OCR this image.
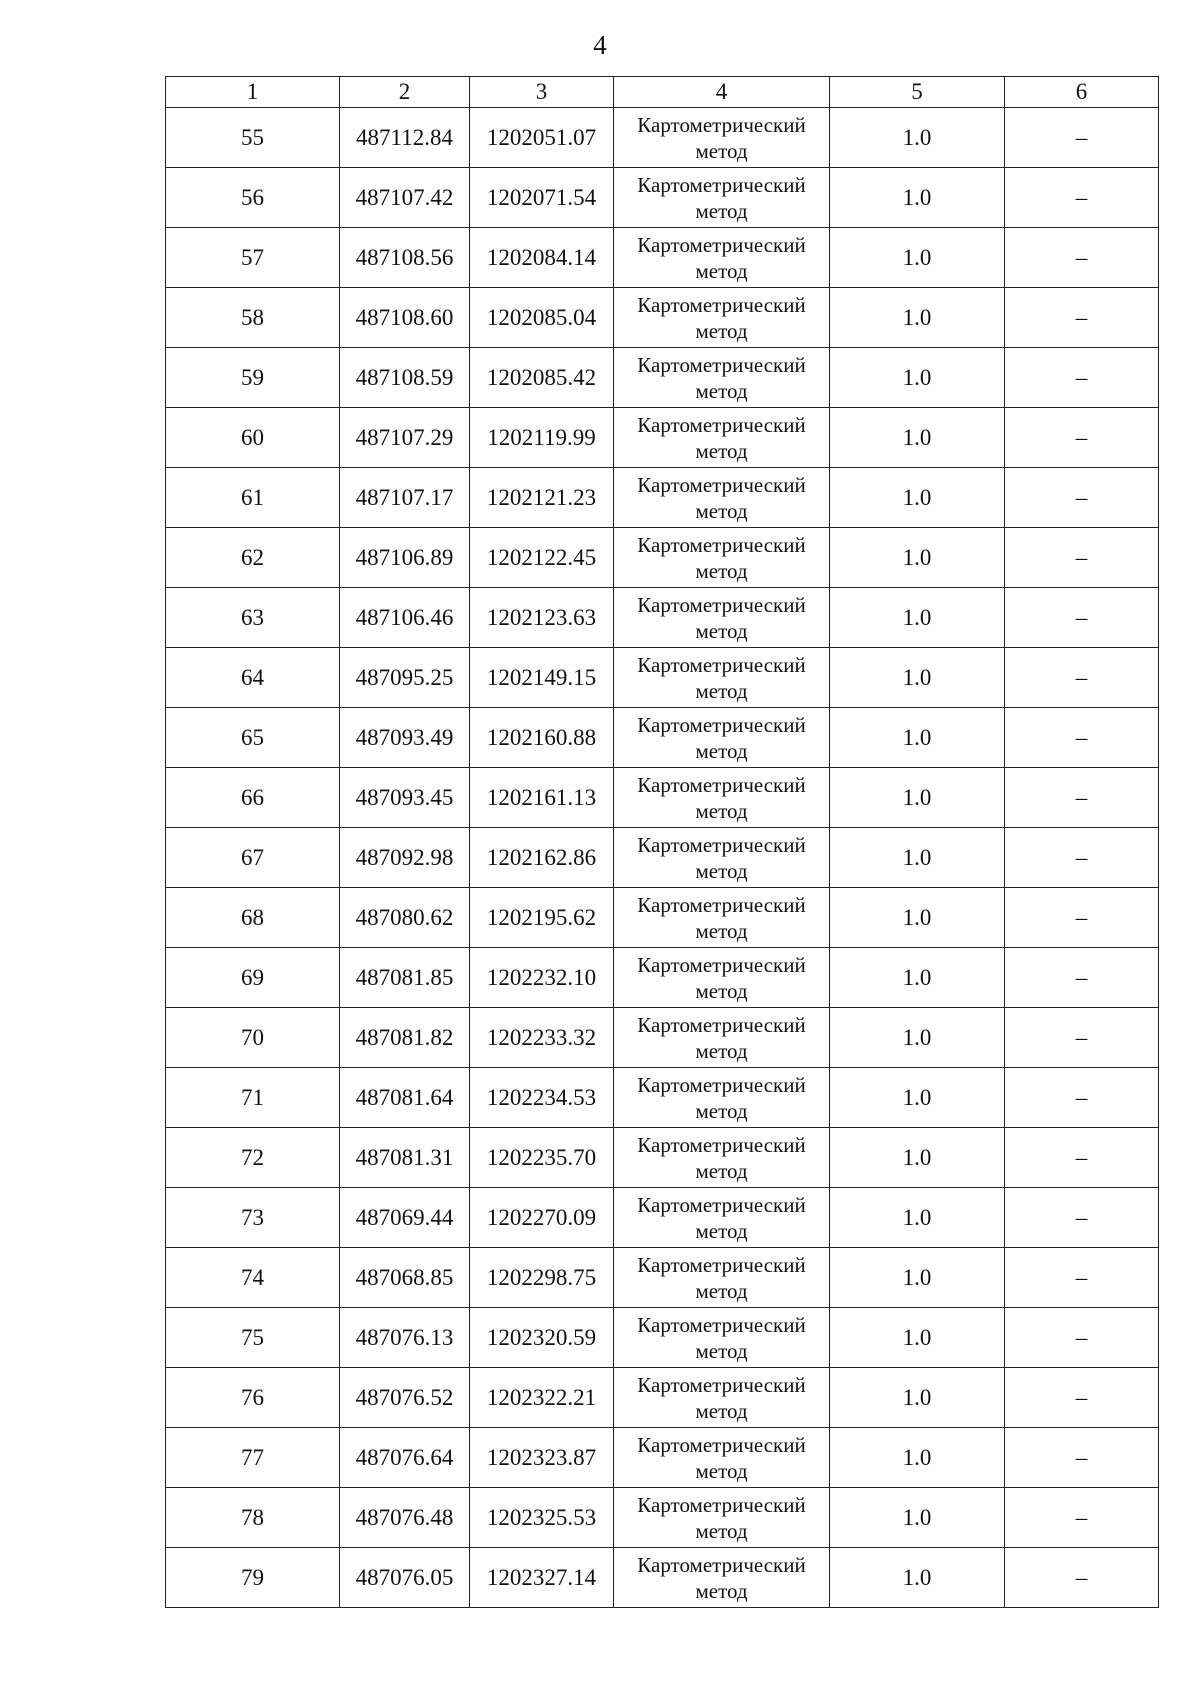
4
1	2	3	4	5	6
55	487112.84	1202051.07	Картометрический метод	1.0	–
56	487107.42	1202071.54	Картометрический метод	1.0	–
57	487108.56	1202084.14	Картометрический метод	1.0	–
58	487108.60	1202085.04	Картометрический метод	1.0	–
59	487108.59	1202085.42	Картометрический метод	1.0	–
60	487107.29	1202119.99	Картометрический метод	1.0	–
61	487107.17	1202121.23	Картометрический метод	1.0	–
62	487106.89	1202122.45	Картометрический метод	1.0	–
63	487106.46	1202123.63	Картометрический метод	1.0	–
64	487095.25	1202149.15	Картометрический метод	1.0	–
65	487093.49	1202160.88	Картометрический метод	1.0	–
66	487093.45	1202161.13	Картометрический метод	1.0	–
67	487092.98	1202162.86	Картометрический метод	1.0	–
68	487080.62	1202195.62	Картометрический метод	1.0	–
69	487081.85	1202232.10	Картометрический метод	1.0	–
70	487081.82	1202233.32	Картометрический метод	1.0	–
71	487081.64	1202234.53	Картометрический метод	1.0	–
72	487081.31	1202235.70	Картометрический метод	1.0	–
73	487069.44	1202270.09	Картометрический метод	1.0	–
74	487068.85	1202298.75	Картометрический метод	1.0	–
75	487076.13	1202320.59	Картометрический метод	1.0	–
76	487076.52	1202322.21	Картометрический метод	1.0	–
77	487076.64	1202323.87	Картометрический метод	1.0	–
78	487076.48	1202325.53	Картометрический метод	1.0	–
79	487076.05	1202327.14	Картометрический метод	1.0	–
